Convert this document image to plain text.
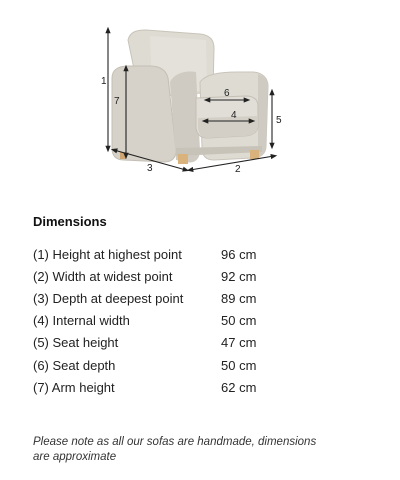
1
7
3	2
5
6
4
Dimensions
(1) Height at highest point	96 cm
(2) Width at widest point	92 cm
(3) Depth at deepest point	89 cm
(4) Internal width	50 cm
(5) Seat height	47 cm
(6) Seat depth	50 cm
(7) Arm height	62 cm
Please note as all our sofas are handmade, dimensions are approximate
